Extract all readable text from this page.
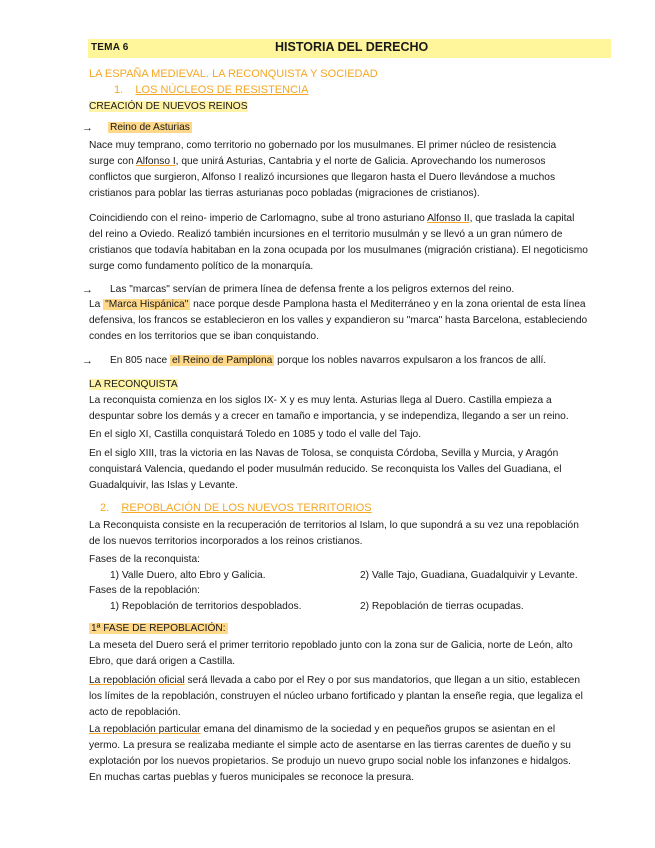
TEMA 6	HISTORIA DEL DERECHO
LA ESPAÑA MEDIEVAL. LA RECONQUISTA Y SOCIEDAD
1. LOS NÚCLEOS DE RESISTENCIA
CREACIÓN DE NUEVOS REINOS
→ Reino de Asturias
Nace muy temprano, como territorio no gobernado por los musulmanes. El primer núcleo de resistencia
surge con Alfonso I, que unirá Asturias, Cantabria y el norte de Galicia. Aprovechando los numerosos
conflictos que surgieron, Alfonso I realizó incursiones que llegaron hasta el Duero llevándose a muchos
cristianos para poblar las tierras asturianas poco pobladas (migraciones de cristianos).
Coincidiendo con el reino- imperio de Carlomagno, sube al trono asturiano Alfonso II, que traslada la capital
del reino a Oviedo. Realizó también incursiones en el territorio musulmán y se llevó a un gran número de
cristianos que todavía habitaban en la zona ocupada por los musulmanes (migración cristiana). El negoticismo
surge como fundamento político de la monarquía.
→ Las "marcas" servían de primera línea de defensa frente a los peligros externos del reino.
La "Marca Hispánica" nace porque desde Pamplona hasta el Mediterráneo y en la zona oriental de esta línea
defensiva, los francos se establecieron en los valles y expandieron su "marca" hasta Barcelona, estableciendo
condes en los territorios que se iban conquistando.
→ En 805 nace el Reino de Pamplona porque los nobles navarros expulsaron a los francos de allí.
LA RECONQUISTA
La reconquista comienza en los siglos IX- X y es muy lenta. Asturias llega al Duero. Castilla empieza a
despuntar sobre los demás y a crecer en tamaño e importancia, y se independiza, llegando a ser un reino.
En el siglo XI, Castilla conquistará Toledo en 1085 y todo el valle del Tajo.
En el siglo XIII, tras la victoria en las Navas de Tolosa, se conquista Córdoba, Sevilla y Murcia, y Aragón
conquistará Valencia, quedando el poder musulmán reducido. Se reconquista los Valles del Guadiana, el
Guadalquivir, las Islas y Levante.
2. REPOBLACIÓN DE LOS NUEVOS TERRITORIOS
La Reconquista consiste en la recuperación de territorios al Islam, lo que supondrá a su vez una repoblación
de los nuevos territorios incorporados a los reinos cristianos.
Fases de la reconquista:
1) Valle Duero, alto Ebro y Galicia.	2) Valle Tajo, Guadiana, Guadalquivir y Levante.
Fases de la repoblación:
1) Repoblación de territorios despoblados.	2) Repoblación de tierras ocupadas.
1ª FASE DE REPOBLACIÓN:
La meseta del Duero será el primer territorio repoblado junto con la zona sur de Galicia, norte de León, alto
Ebro, que dará origen a Castilla.
La repoblación oficial será llevada a cabo por el Rey o por sus mandatorios, que llegan a un sitio, establecen
los límites de la repoblación, construyen el núcleo urbano fortificado y plantan la enseñe regia, que legaliza el
acto de repoblación.
La repoblación particular emana del dinamismo de la sociedad y en pequeños grupos se asientan en el
yermo. La presura se realizaba mediante el simple acto de asentarse en las tierras carentes de dueño y su
explotación por los nuevos propietarios. Se produjo un nuevo grupo social noble los infanzones e hidalgos.
En muchas cartas pueblas y fueros municipales se reconoce la presura.
